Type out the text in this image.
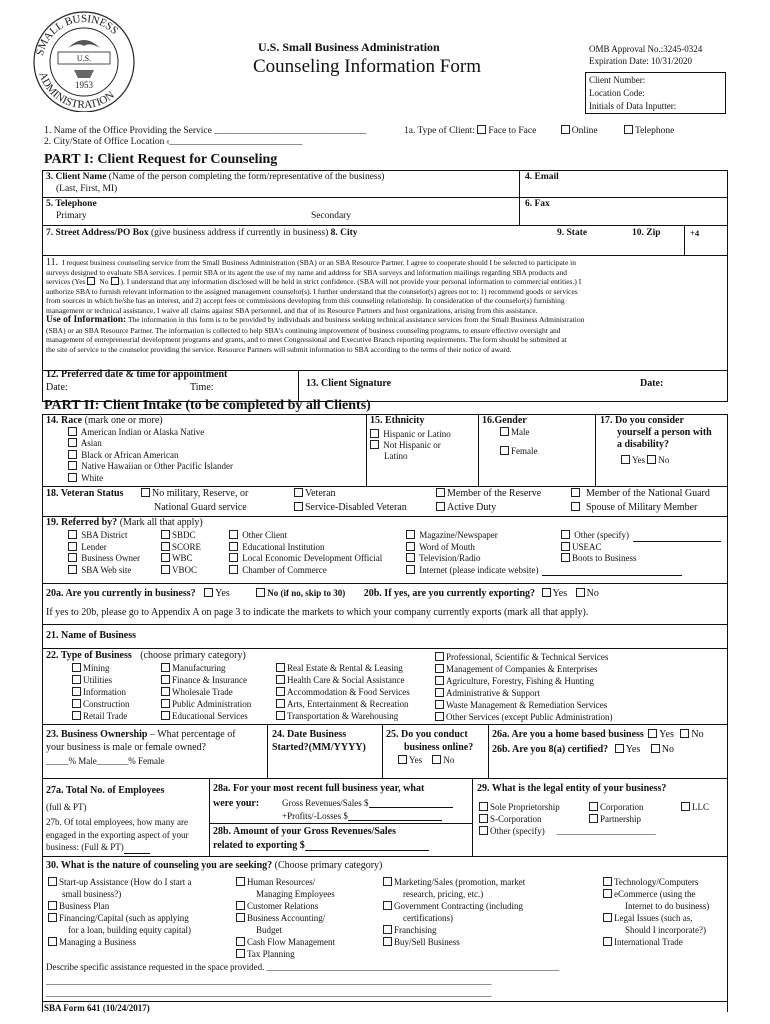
SMALL BUSINESS
ADMINISTRATION
U.S.
1953
U.S. Small Business Administration
Counseling Information Form
OMB Approval No.:3245-0324
Expiration Date: 10/31/2020
Client Number:
Location Code:
Initials of Data Inputter:
1. Name of the Office Providing the Service ________________________________	1a. Type of Client: Face to Face	Online	Telephone
2. City/State of Office Location ¢____________________________
PART I: Client Request for Counseling
3. Client Name (Name of the person completing the form/representative of the business)
(Last, First, MI)
4. Email
5. Telephone
Primary	Secondary
6. Fax
7. Street Address/PO Box (give business address if currently in business) 8. City	9. State	10. Zip	+4
11. I request business counseling service from the Small Business Administration (SBA) or an SBA Resource Partner. I agree to cooperate should I be selected to participate in
surveys designed to evaluate SBA services. I permit SBA or its agent the use of my name and address for SBA surveys and information mailings regarding SBA products and
services (Yes No ). I understand that any information disclosed will be held in strict confidence. (SBA will not provide your personal information to commercial entities.) I
authorize SBA to furnish relevant information to the assigned management counselor(s). I further understand that the counselor(s) agrees not to: 1) recommend goods or services
from sources in which he/she has an interest, and 2) accept fees or commissions developing from this counseling relationship. In consideration of the counselor(s) furnishing
management or technical assistance, I waive all claims against SBA personnel, and that of its Resource Partners and host organizations, arising from this assistance.
Use of Information: The information in this form is to be provided by individuals and business seeking technical assistance services from the Small Business Administration
(SBA) or an SBA Resource Partner. The information is collected to help SBA's continuing improvement of business counseling programs, to ensure effective oversight and
management of entrepreneurial development programs and grants, and to meet Congressional and Executive Branch reporting requirements. The form should be submitted at
the site of service to the counselor providing the service. Resource Partners will submit information to SBA according to the terms of their notice of award.
12. Preferred date & time for appointment
Date:	Time:	13. Client Signature	Date:
PART II: Client Intake (to be completed by all Clients)
14. Race (mark one or more)
American Indian or Alaska Native
Asian
Black or African American
Native Hawaiian or Other Pacific Islander
White
15. Ethnicity
Hispanic or Latino
Not Hispanic or
Latino
16.Gender
Male
Female
17. Do you consider
yourself a person with
a disability?
Yes No
18. Veteran Status	No military, Reserve, or
National Guard service
Veteran
Service-Disabled Veteran
Member of the Reserve
Active Duty
Member of the National Guard
Spouse of Military Member
19. Referred by? (Mark all that apply)
SBA District
Lender
Business Owner
SBA Web site
SBDC
SCORE
WBC
VBOC
Other Client
Educational Institution
Local Economic Development Official
Chamber of Commerce
Magazine/Newspaper
Word of Mouth
Television/Radio
Internet (please indicate website)
Other (specify)
USEAC
Boots to Business
20a. Are you currently in business? Yes	No (if no, skip to 30) 20b. If yes, are you currently exporting? Yes No
If yes to 20b, please go to Appendix A on page 3 to indicate the markets to which your company currently exports (mark all that apply).
21. Name of Business
22. Type of Business (choose primary category)
Mining
Utilities
Information
Construction
Retail Trade
Manufacturing
Finance & Insurance
Wholesale Trade
Public Administration
Educational Services
Real Estate & Rental & Leasing
Health Care & Social Assistance
Accommodation & Food Services
Arts, Entertainment & Recreation
Transportation & Warehousing
Professional, Scientific & Technical Services
Management of Companies & Enterprises
Agriculture, Forestry, Fishing & Hunting
Administrative & Support
Waste Management & Remediation Services
Other Services (except Public Administration)
23. Business Ownership – What percentage of
your business is male or female owned?
_____% Male_______% Female
24. Date Business
Started?(MM/YYYY)
25. Do you conduct
business online?
Yes No
26a. Are you a home based business Yes No
26b. Are you 8(a) certified? Yes No
27a. Total No. of Employees
(full & PT)
27b. Of total employees, how many are
engaged in the exporting aspect of your
business: (Full & PT)
28a. For your most recent full business year, what
were your:	Gross Revenues/Sales $
+Profits/-Losses $
28b. Amount of your Gross Revenues/Sales
related to exporting $
29. What is the legal entity of your business?
Sole Proprietorship	Corporation	LLC
S-Corporation	Partnership
Other (specify) ______________________
30. What is the nature of counseling you are seeking? (Choose primary category)
Start-up Assistance (How do I start a
small business?)
Business Plan
Financing/Capital (such as applying
for a loan, building equity capital)
Managing a Business
Human Resources/
Managing Employees
Customer Relations
Business Accounting/
Budget
Cash Flow Management
Tax Planning
Marketing/Sales (promotion, market
research, pricing, etc.)
Government Contracting (including
certifications)
Franchising
Buy/Sell Business
Technology/Computers
eCommerce (using the
Internet to do business)
Legal Issues (such as,
Should I incorporate?)
International Trade
Describe specific assistance requested in the space provided. _________________________________________________________________
___________________________________________________________________________________________________
___________________________________________________________________________________________________
SBA Form 641 (10/24/2017)
